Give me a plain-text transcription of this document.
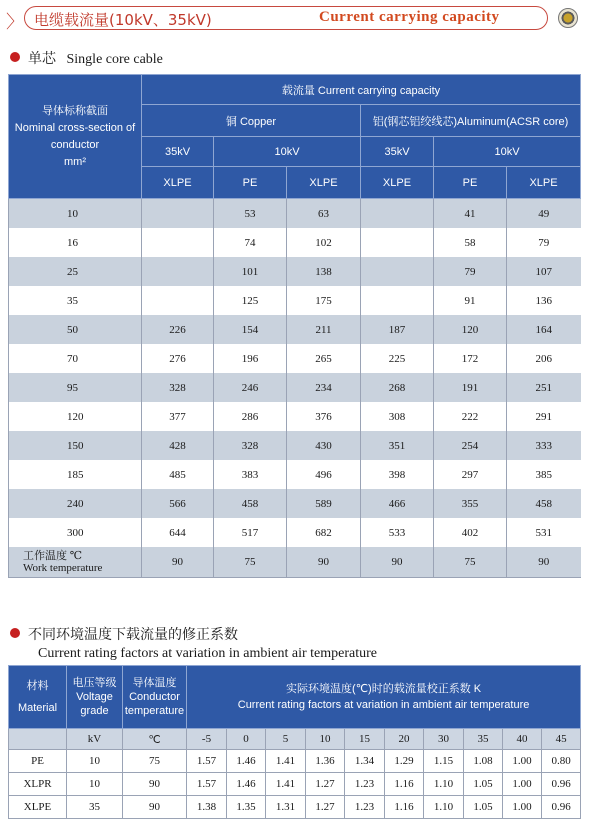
〉 电缆载流量(10kV、35kV)	Current carrying capacity
单芯 Single core cable
导体标称截面
Nominal cross-section of conductor
mm²	载流量 Current carrying capacity					
	铜 Copper			铝(钢芯铝绞线芯)Aluminum(ACSR core)		
	35kV	10kV		35kV	10kV	
	XLPE	PE	XLPE	XLPE	PE	XLPE
10		53	63		41	49
16		74	102		58	79
25		101	138		79	107
35		125	175		91	136
50	226	154	211	187	120	164
70	276	196	265	225	172	206
95	328	246	234	268	191	251
120	377	286	376	308	222	291
150	428	328	430	351	254	333
185	485	383	496	398	297	385
240	566	458	589	466	355	458
300	644	517	682	533	402	531
工作温度 ℃
Work temperature	90	75	90	90	75	90
不同环境温度下载流量的修正系数
Current rating factors at variation in ambient air temperature
材料
Material	电压等级
Voltage grade	导体温度
Conductor temperature	实际环境温度(℃)时的载流量校正系数 K
Current rating factors at variation in ambient air temperature									
	kV	℃	-5	0	5	10	15	20	30	35	40	45
PE	10	75	1.57	1.46	1.41	1.36	1.34	1.29	1.15	1.08	1.00	0.80
XLPR	10	90	1.57	1.46	1.41	1.27	1.23	1.16	1.10	1.05	1.00	0.96
XLPE	35	90	1.38	1.35	1.31	1.27	1.23	1.16	1.10	1.05	1.00	0.96
